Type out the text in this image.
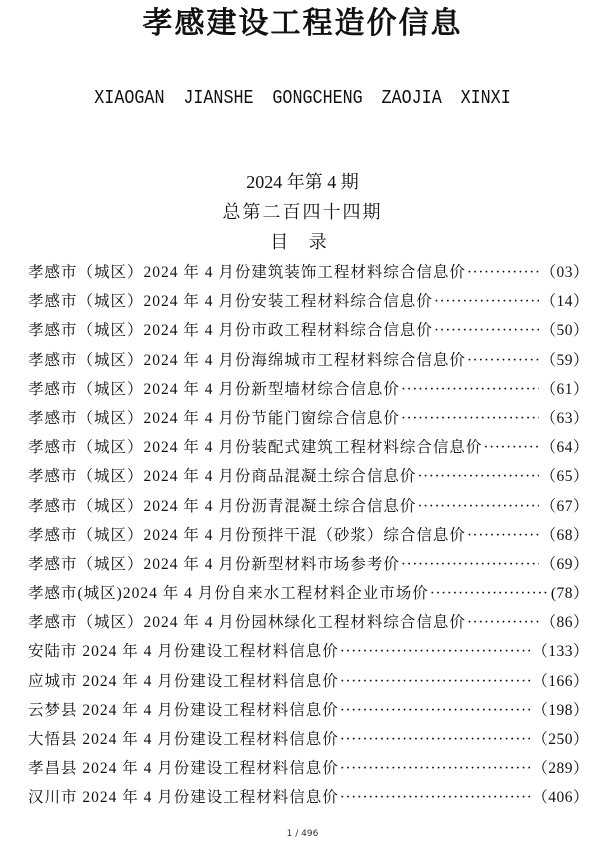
孝感建设工程造价信息
XIAOGAN JIANSHE GONGCHENG ZAOJIA XINXI
2024 年第 4 期
总第二百四十四期
目 录
孝感市（城区）2024 年 4 月份建筑装饰工程材料综合信息价 ·····	（03）
孝感市（城区）2024 年 4 月份安装工程材料综合信息价 ·····	（14）
孝感市（城区）2024 年 4 月份市政工程材料综合信息价 ·····	（50）
孝感市（城区）2024 年 4 月份海绵城市工程材料综合信息价 ·····	（59）
孝感市（城区）2024 年 4 月份新型墙材综合信息价 ·····	（61）
孝感市（城区）2024 年 4 月份节能门窗综合信息价 ·····	（63）
孝感市（城区）2024 年 4 月份装配式建筑工程材料综合信息价 ·····	（64）
孝感市（城区）2024 年 4 月份商品混凝土综合信息价 ·····	（65）
孝感市（城区）2024 年 4 月份沥青混凝土综合信息价 ·····	（67）
孝感市（城区）2024 年 4 月份预拌干混（砂浆）综合信息价 ·····	（68）
孝感市（城区）2024 年 4 月份新型材料市场参考价 ·····	（69）
孝感市(城区)2024 年 4 月份自来水工程材料企业市场价 ·····	(78）
孝感市（城区）2024 年 4 月份园林绿化工程材料综合信息价 ·····	（86）
安陆市 2024 年 4 月份建设工程材料信息价 ·····	（133）
应城市 2024 年 4 月份建设工程材料信息价 ·····	（166）
云梦县 2024 年 4 月份建设工程材料信息价 ·····	（198）
大悟县 2024 年 4 月份建设工程材料信息价 ·····	（250）
孝昌县 2024 年 4 月份建设工程材料信息价 ·····	（289）
汉川市 2024 年 4 月份建设工程材料信息价 ·····	（406）
1 / 496
